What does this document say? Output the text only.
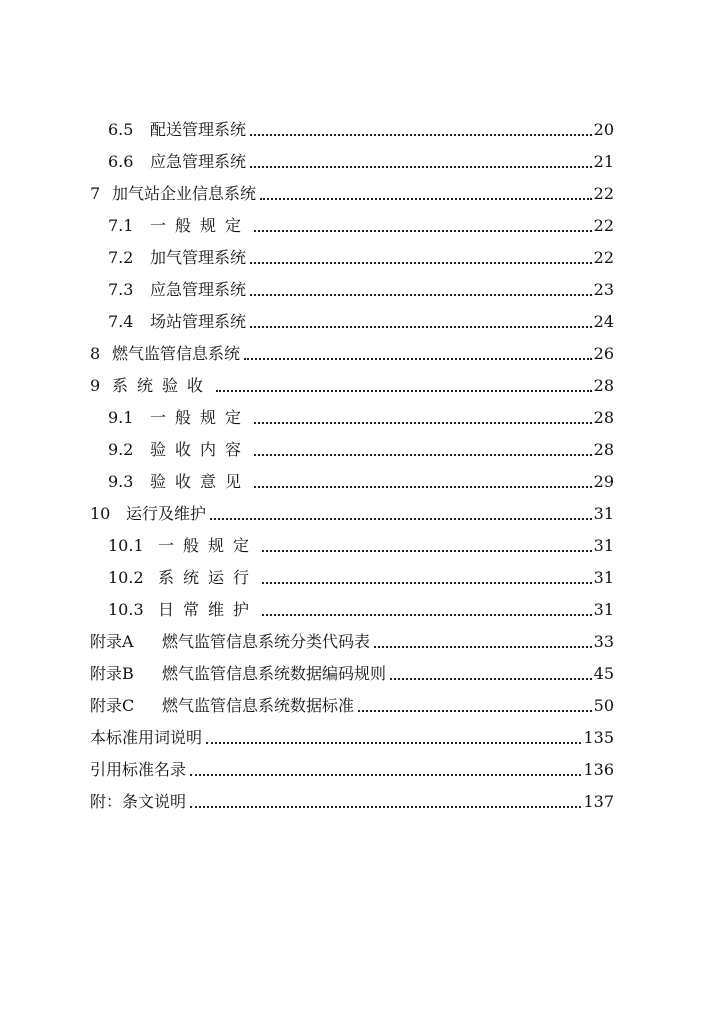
6.5	配送管理系统	20
6.6	应急管理系统	21
7 加气站企业信息系统	22
7.1	一般规定	22
7.2	加气管理系统	22
7.3	应急管理系统	23
7.4	场站管理系统	24
8 燃气监管信息系统	26
9 系统验收	28
9.1	一般规定	28
9.2	验收内容	28
9.3	验收意见	29
10 运行及维护	31
10.1 一般规定	31
10.2 系统运行	31
10.3 日常维护	31
附录A	燃气监管信息系统分类代码表	33
附录B	燃气监管信息系统数据编码规则	45
附录C	燃气监管信息系统数据标准	50
本标准用词说明	135
引用标准名录	136
附：条文说明	137
